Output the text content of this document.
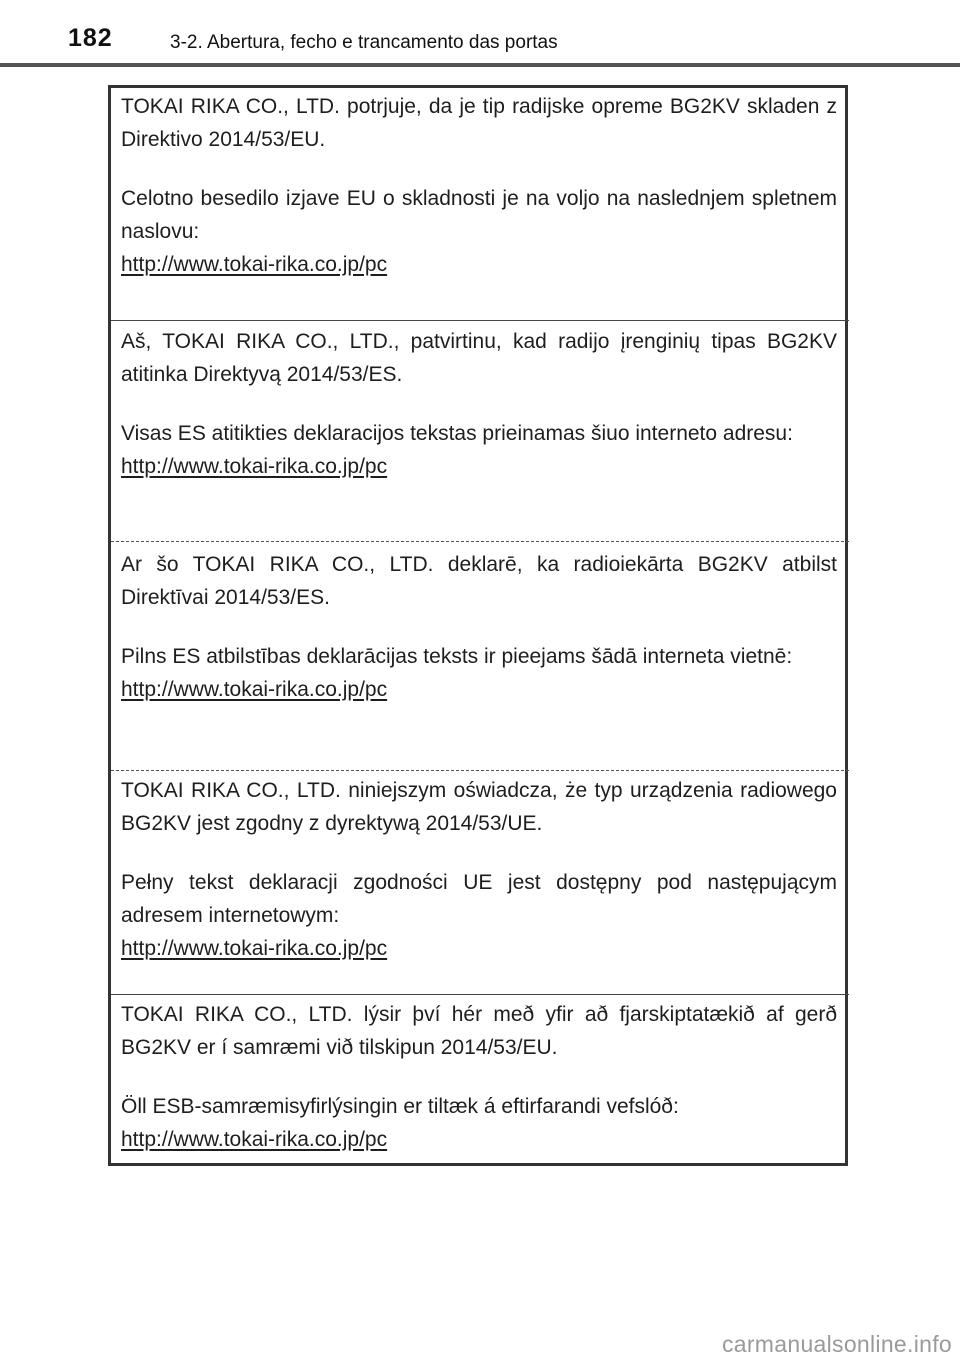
182	3-2. Abertura, fecho e trancamento das portas

TOKAI RIKA CO., LTD. potrjuje, da je tip radijske opreme BG2KV skladen z Direktivo 2014/53/EU.

Celotno besedilo izjave EU o skladnosti je na voljo na naslednjem spletnem naslovu:

http://www.tokai-rika.co.jp/pc

Aš, TOKAI RIKA CO., LTD., patvirtinu, kad radijo įrenginių tipas BG2KV atitinka Direktyvą 2014/53/ES.

Visas ES atitikties deklaracijos tekstas prieinamas šiuo interneto adresu:

http://www.tokai-rika.co.jp/pc

Ar šo TOKAI RIKA CO., LTD. deklarē, ka radioiekārta BG2KV atbilst Direktīvai 2014/53/ES.

Pilns ES atbilstības deklarācijas teksts ir pieejams šādā interneta vietnē:

http://www.tokai-rika.co.jp/pc

TOKAI RIKA CO., LTD. niniejszym oświadcza, że typ urządzenia radiowego BG2KV jest zgodny z dyrektywą 2014/53/UE.

Pełny tekst deklaracji zgodności UE jest dostępny pod następującym adresem internetowym:

http://www.tokai-rika.co.jp/pc

TOKAI RIKA CO., LTD. lýsir því hér með yfir að fjarskiptatækið af gerð BG2KV er í samræmi við tilskipun 2014/53/EU.

Öll ESB-samræmisyfirlýsingin er tiltæk á eftirfarandi vefslóð:

http://www.tokai-rika.co.jp/pc

carmanualsonline.info
